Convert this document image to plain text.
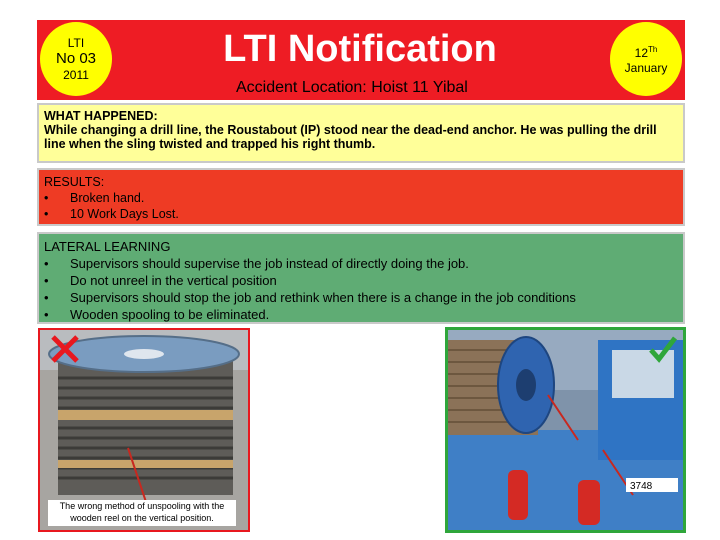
LTI
No 03
2011
LTI Notification
Accident Location: Hoist 11 Yibal
12Th
January
WHAT HAPPENED:
While changing a drill line, the Roustabout (IP) stood near the dead-end anchor. He was pulling the drill line when the sling twisted and trapped his right thumb.
RESULTS:
•	Broken hand.
•	10 Work Days Lost.
LATERAL LEARNING
•	Supervisors should supervise the job instead of directly doing the job.
•	Do not unreel in the vertical position
•	Supervisors should stop the job and rethink when there is a change in the job conditions
•	Wooden spooling to be eliminated.
The wrong method of unspooling with the wooden reel on the vertical position.
3748
